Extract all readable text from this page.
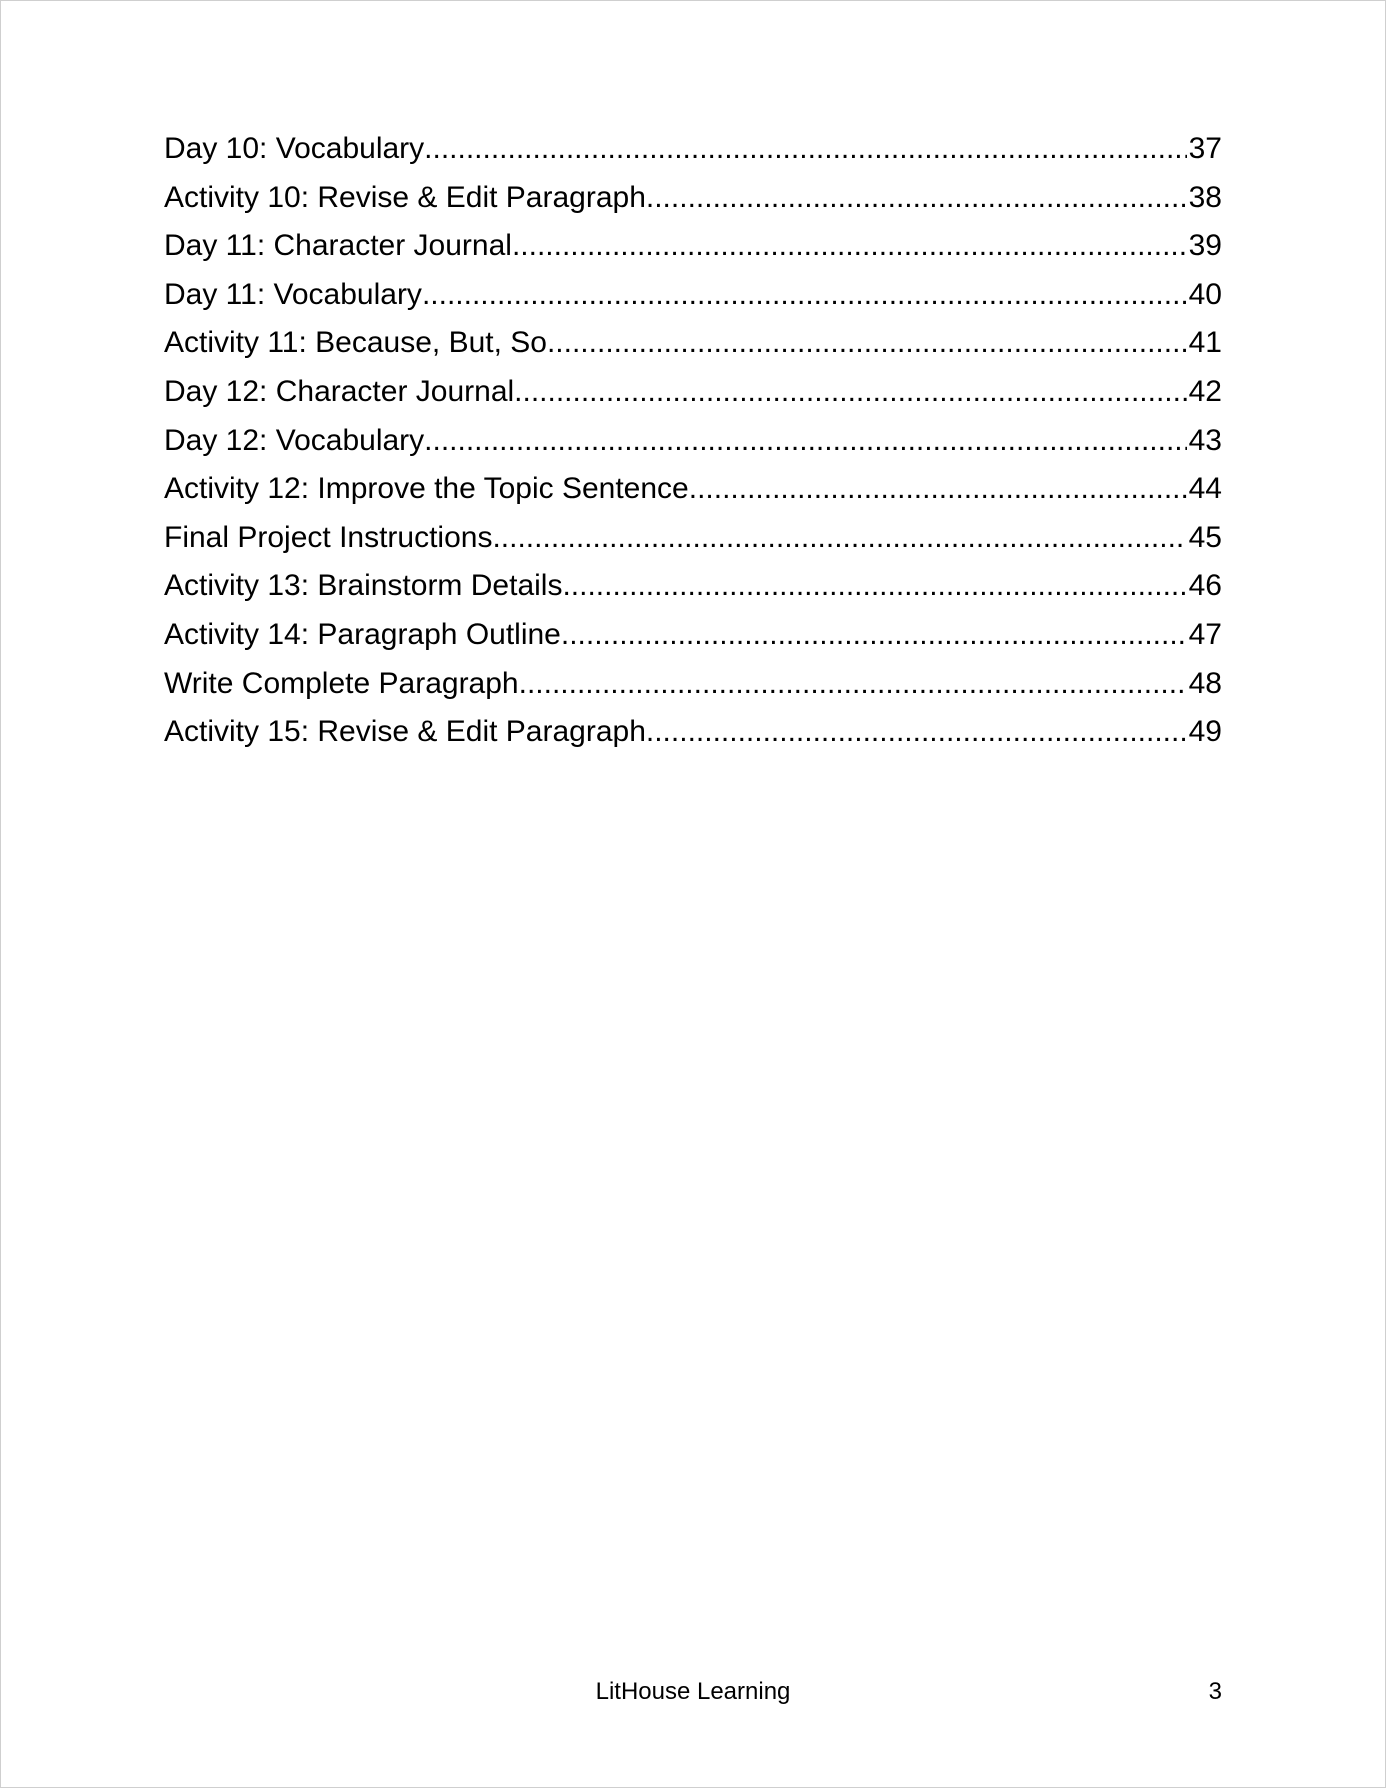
Day 10: Vocabulary .....	37
Activity 10: Revise & Edit Paragraph .....	38
Day 11: Character Journal .....	39
Day 11: Vocabulary .....	40
Activity 11: Because, But, So .....	41
Day 12: Character Journal .....	42
Day 12: Vocabulary .....	43
Activity 12: Improve the Topic Sentence .....	44
Final Project Instructions .....	45
Activity 13: Brainstorm Details .....	46
Activity 14: Paragraph Outline .....	47
Write Complete Paragraph .....	48
Activity 15: Revise & Edit Paragraph .....	49
LitHouse Learning	3
